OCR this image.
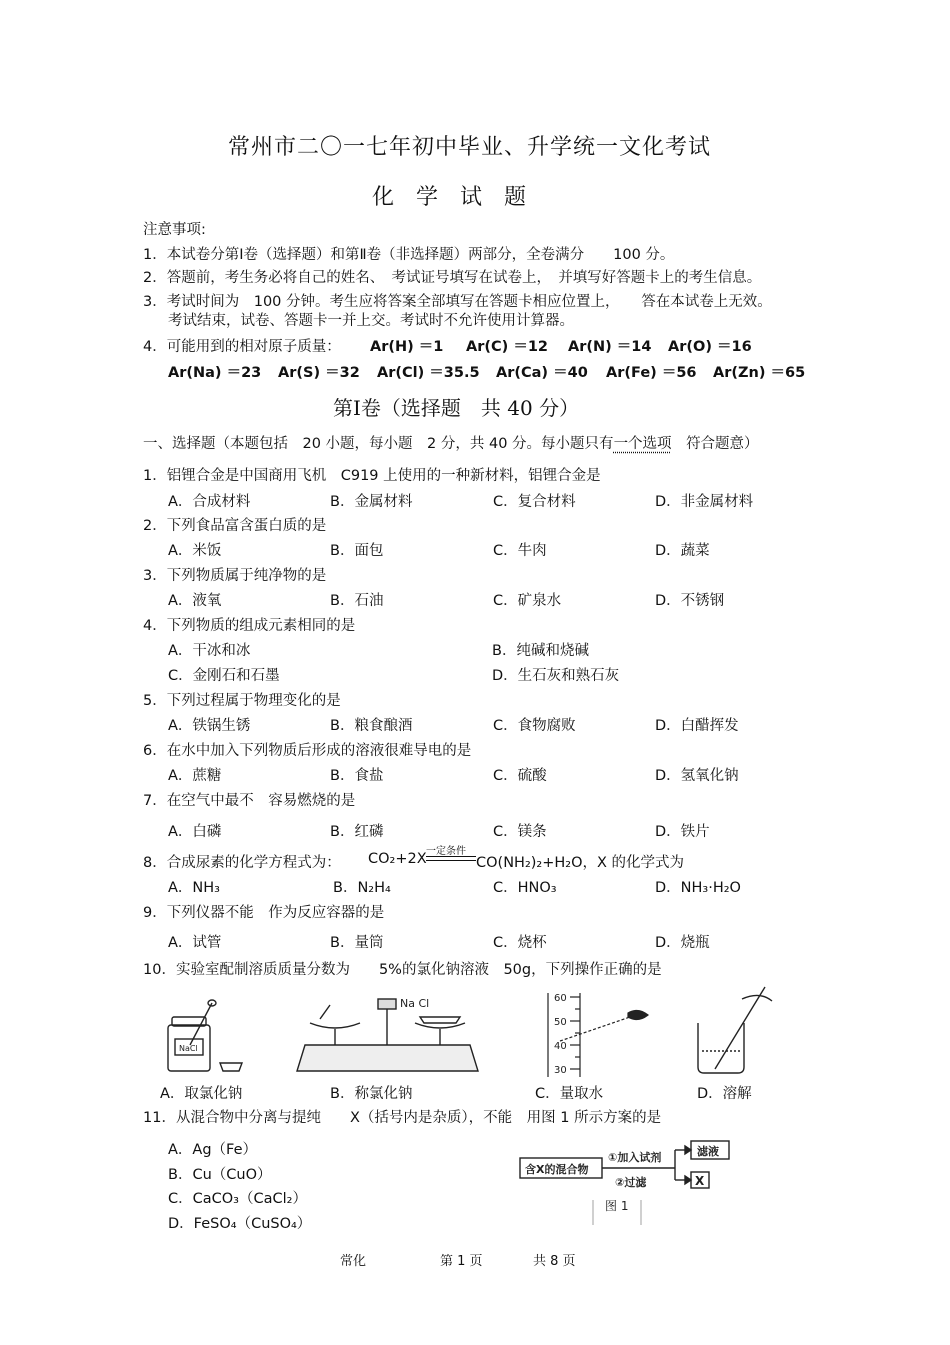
常州市二〇一七年初中毕业、升学统一文化考试
化　学　试　题
注意事项:
1．本试卷分第Ⅰ卷（选择题）和第Ⅱ卷（非选择题）两部分，全卷满分　　100 分。
2．答题前，考生务必将自己的姓名、　考试证号填写在试卷上，　并填写好答题卡上的考生信息。
3．考试时间为　100 分钟。考生应将答案全部填写在答题卡相应位置上，　　答在本试卷上无效。
考试结束，试卷、答题卡一并上交。考试时不允许使用计算器。
4．可能用到的相对原子质量： Ar(H) ＝1 Ar(C) ＝12 Ar(N) ＝14 Ar(O) ＝16
Ar(Na) ＝23 Ar(S) ＝32 Ar(Cl) ＝35.5 Ar(Ca) ＝40 Ar(Fe) ＝56 Ar(Zn) ＝65
第Ⅰ卷（选择题　共 40 分）
一、选择题（本题包括　20 小题，每小题　2 分，共 40 分。每小题只有一个选项　 符合题意）
1．铝锂合金是中国商用飞机　C919 上使用的一种新材料，铝锂合金是
A．合成材料	B．金属材料	C．复合材料	D．非金属材料
2．下列食品富含蛋白质的是
A．米饭	B．面包	C．牛肉	D．蔬菜
3．下列物质属于纯净物的是
A．液氧	B．石油	C．矿泉水	D．不锈钢
4．下列物质的组成元素相同的是
A．干冰和冰	B．纯碱和烧碱
C．金刚石和石墨	D．生石灰和熟石灰
5．下列过程属于物理变化的是
A．铁锅生锈	B．粮食酿酒	C．食物腐败	D．白醋挥发
6．在水中加入下列物质后形成的溶液很难导电的是
A．蔗糖	B．食盐	C．硫酸	D．氢氧化钠
7．在空气中最不　容易燃烧的是
A．白磷	B．红磷	C．镁条	D．铁片
8．合成尿素的化学方程式为： CO₂+2X 一定条件
CO(NH₂)₂+H₂O，X 的化学式为
A．NH₃	B．N₂H₄	C．HNO₃	D．NH₃·H₂O
9．下列仪器不能　作为反应容器的是
A．试管	B．量筒	C．烧杯	D．烧瓶
10．实验室配制溶质质量分数为　　5%的氯化钠溶液　50g，下列操作正确的是
NaCl
Na Cl	60
50
40
30
A．取氯化钠	B．称氯化钠	C．量取水	D．溶解
11．从混合物中分离与提纯　　X（括号内是杂质），不能　用图 1 所示方案的是
A．Ag（Fe）
B．Cu（CuO）
C．CaCO₃（CaCl₂）
D．FeSO₄（CuSO₄）
含X的混合物
①加入试剂
②过滤
滤液
X
图 1
常化	第 1 页	共 8 页
